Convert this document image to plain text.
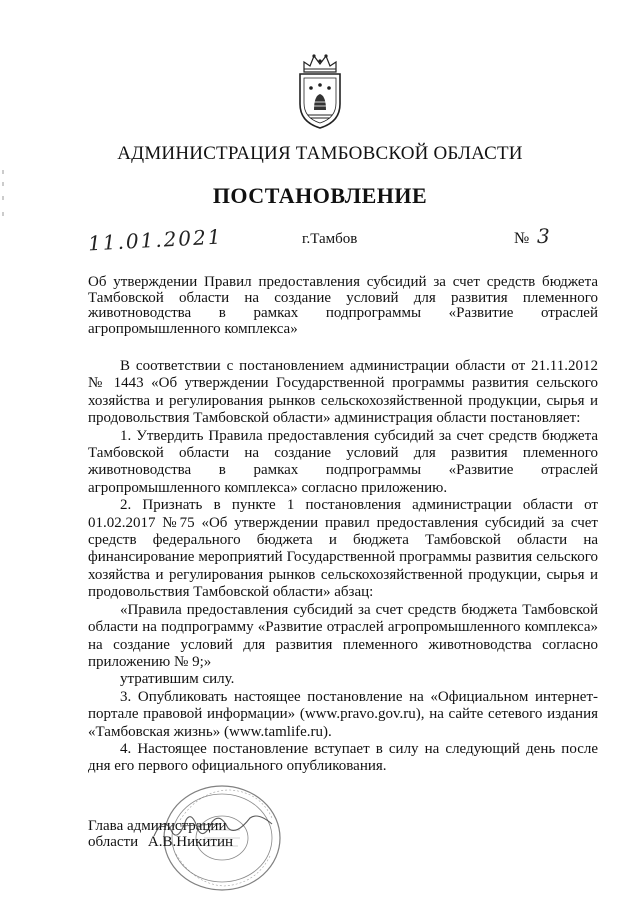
АДМИНИСТРАЦИЯ ТАМБОВСКОЙ ОБЛАСТИ
ПОСТАНОВЛЕНИЕ
11.01.2021	г.Тамбов	№ 3
Об утверждении Правил предоставления субсидий за счет средств бюджета Тамбовской области на создание условий для развития племенного животноводства в рамках подпрограммы «Развитие отраслей агропромышленного комплекса»

В соответствии с постановлением администрации области от 21.11.2012 № 1443 «Об утверждении Государственной программы развития сельского хозяйства и регулирования рынков сельскохозяйственной продукции, сырья и продовольствия Тамбовской области» администрация области постановляет:

1. Утвердить Правила предоставления субсидий за счет средств бюджета Тамбовской области на создание условий для развития племенного животноводства в рамках подпрограммы «Развитие отраслей агропромышленного комплекса» согласно приложению.

2. Признать в пункте 1 постановления администрации области от 01.02.2017 №75 «Об утверждении правил предоставления субсидий за счет средств федерального бюджета и бюджета Тамбовской области на финансирование мероприятий Государственной программы развития сельского хозяйства и регулирования рынков сельскохозяйственной продукции, сырья и продовольствия Тамбовской области» абзац:

«Правила предоставления субсидий за счет средств бюджета Тамбовской области на подпрограмму «Развитие отраслей агропромышленного комплекса» на создание условий для развития племенного животноводства согласно приложению № 9;»

утратившим силу.

3. Опубликовать настоящее постановление на «Официальном интернет-портале правовой информации» (www.pravo.gov.ru), на сайте сетевого издания «Тамбовская жизнь» (www.tamlife.ru).

4. Настоящее постановление вступает в силу на следующий день после дня его первого официального опубликования.

Глава администрации
области А.В.Никитин
